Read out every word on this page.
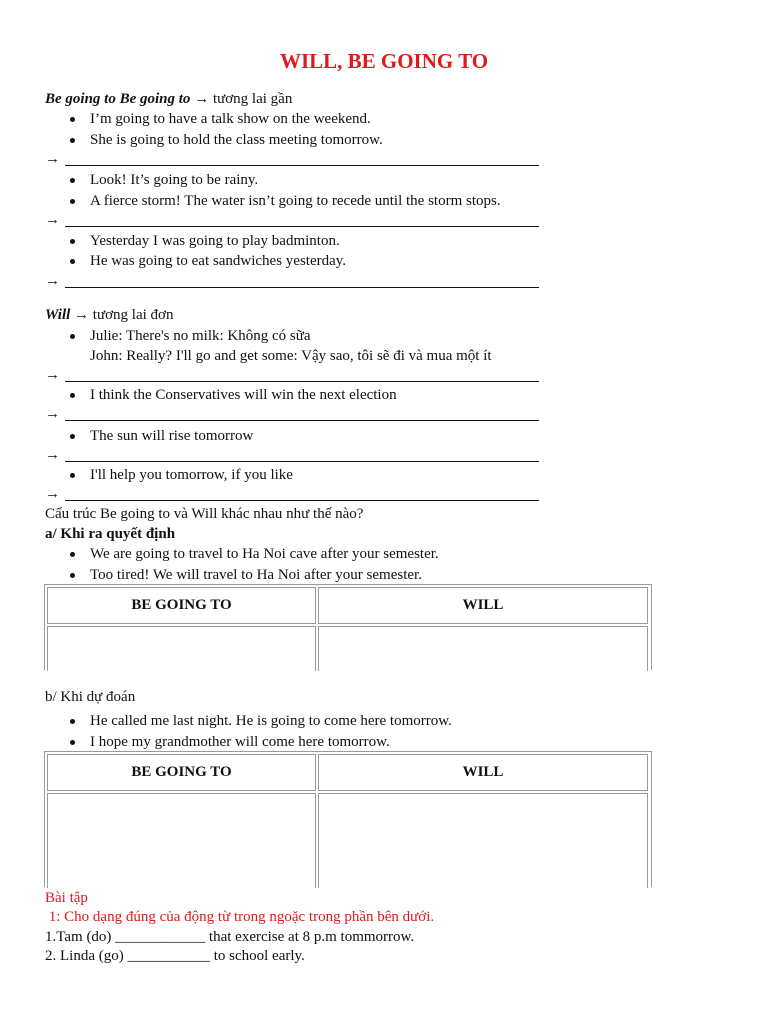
WILL, BE GOING TO
Be going to Be going to → tương lai gần
I’m going to have a talk show on the weekend.
She is going to hold the class meeting tomorrow.
→
Look! It’s going to be rainy.
A fierce storm! The water isn’t going to recede until the storm stops.
→
Yesterday I was going to play badminton.
He was going to eat sandwiches yesterday.
→
Will → tương lai đơn
Julie: There's no milk: Không có sữa
John: Really? I'll go and get some: Vậy sao, tôi sẽ đi và mua một ít
→
I think the Conservatives will win the next election
→
The sun will rise tomorrow
→
I'll help you tomorrow, if you like
→
Cấu trúc Be going to và Will khác nhau như thế nào?
a/ Khi ra quyết định
We are going to travel to Ha Noi cave after your semester.
Too tired! We will travel to Ha Noi after your semester.
BE GOING TO	WILL
b/ Khi dự đoán
He called me last night. He is going to come here tomorrow.
I hope my grandmother will come here tomorrow.
BE GOING TO	WILL
Bài tập
1: Cho dạng đúng của động từ trong ngoặc trong phần bên dưới.
1.Tam (do) ____________ that exercise at 8 p.m tommorrow.
2. Linda (go) ___________ to school early.
